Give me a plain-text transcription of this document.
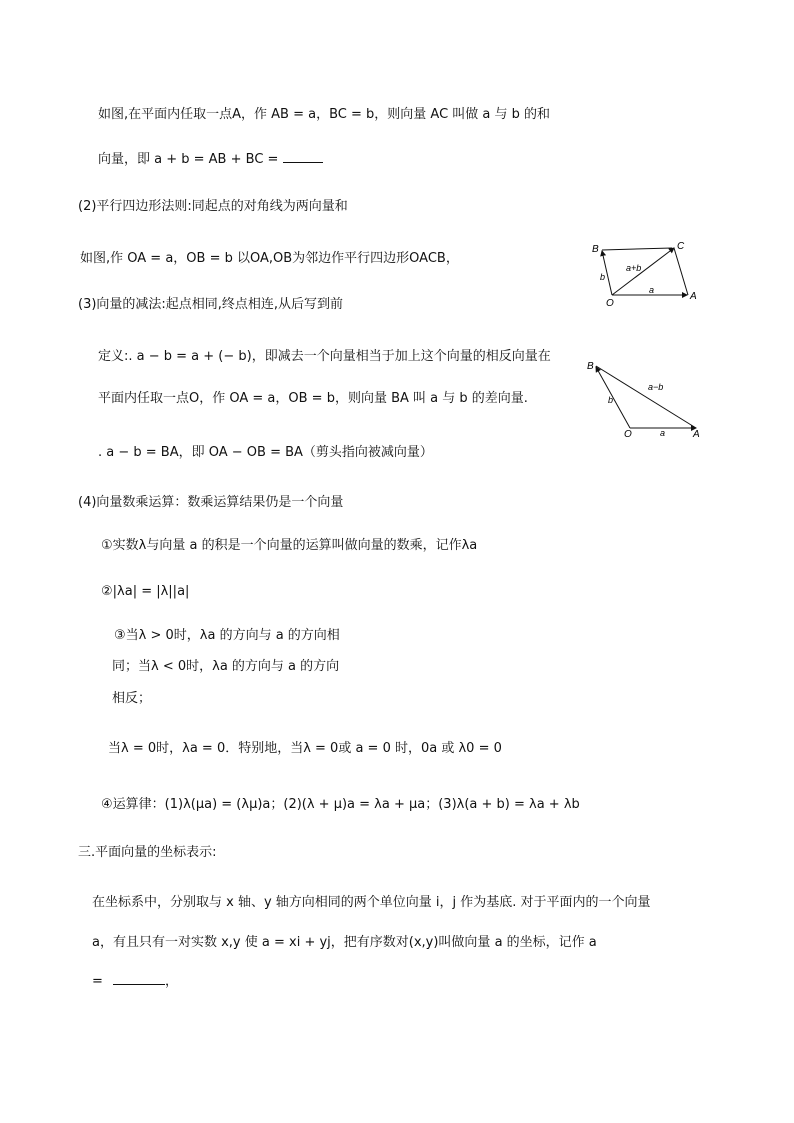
如图,在平面内任取一点A，作 AB = a，BC = b，则向量 AC 叫做 a 与 b 的和
向量，即 a + b = AB + BC =
(2)平行四边形法则:同起点的对角线为两向量和
如图,作 OA = a，OB = b 以OA,OB为邻边作平行四边形OACB，
B	C
O
A
a+b
b
a
(3)向量的减法:起点相同,终点相连,从后写到前
定义:. a − b = a + (− b)，即减去一个向量相当于加上这个向量的相反向量在
平面内任取一点O，作 OA = a，OB = b，则向量 BA 叫 a 与 b 的差向量.
. a − b = BA，即 OA − OB = BA（剪头指向被减向量）
B
a−b
b
O	a	A
(4)向量数乘运算：数乘运算结果仍是一个向量
①实数λ与向量 a 的积是一个向量的运算叫做向量的数乘，记作λa
②|λa| = |λ||a|
③当λ > 0时，λa 的方向与 a 的方向相
同；当λ < 0时，λa 的方向与 a 的方向
相反；
当λ = 0时，λa = 0．特别地，当λ = 0或 a = 0 时，0a 或 λ0 = 0
④运算律：(1)λ(μa) = (λμ)a；(2)(λ + μ)a = λa + μa；(3)λ(a + b) = λa + λb
三.平面向量的坐标表示:
在坐标系中，分别取与 x 轴、y 轴方向相同的两个单位向量 i，j 作为基底. 对于平面内的一个向量
a，有且只有一对实数 x,y 使 a = xi + yj，把有序数对(x,y)叫做向量 a 的坐标，记作 a
=	，
